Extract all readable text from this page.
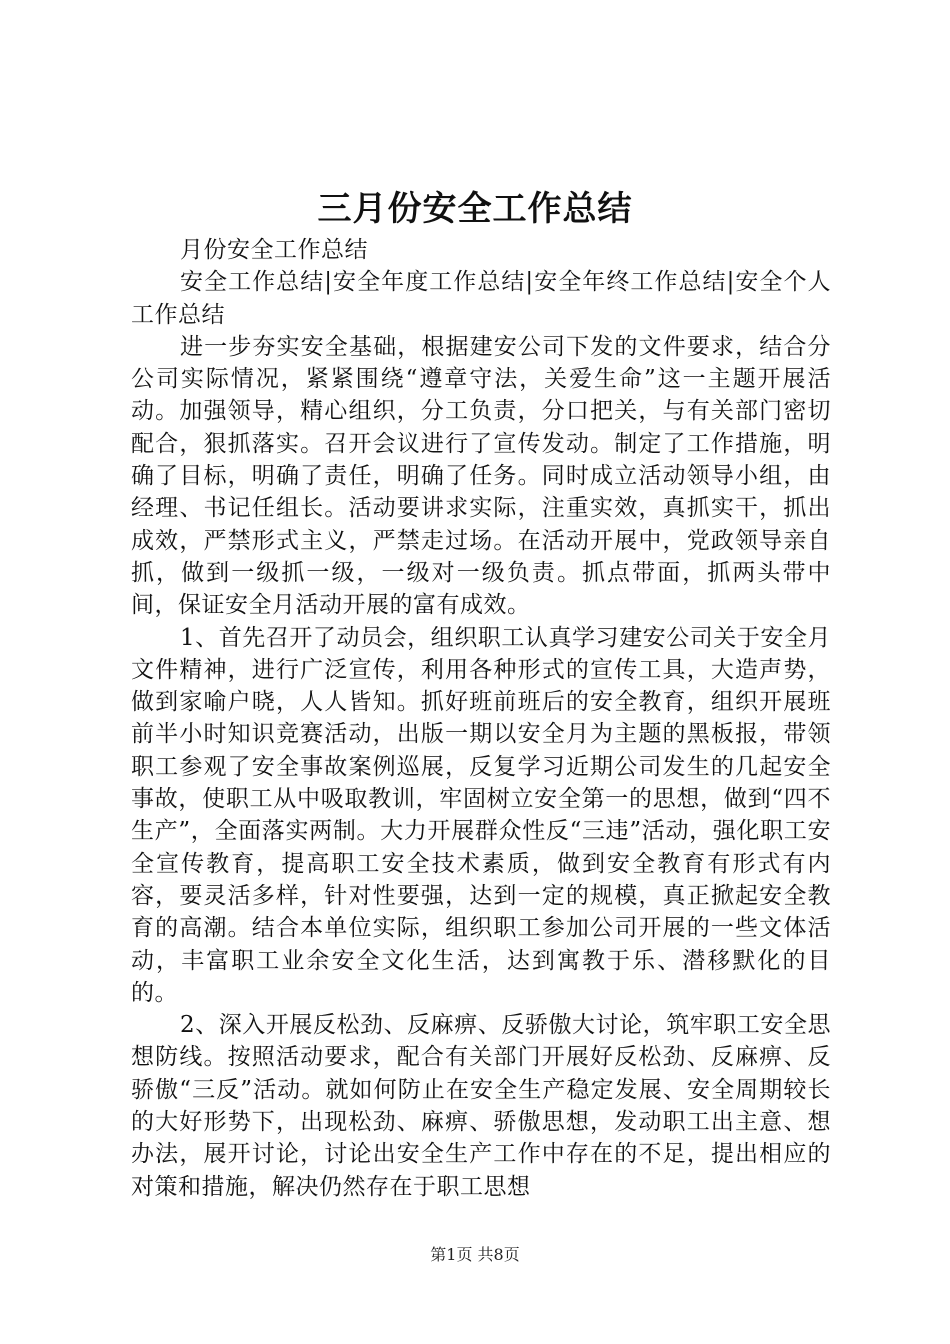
三月份安全工作总结

月份安全工作总结

安全工作总结|安全年度工作总结|安全年终工作总结|安全个人工作总结

进一步夯实安全基础，根据建安公司下发的文件要求，结合分公司实际情况，紧紧围绕“遵章守法，关爱生命”这一主题开展活动。加强领导，精心组织，分工负责，分口把关，与有关部门密切配合，狠抓落实。召开会议进行了宣传发动。制定了工作措施，明确了目标，明确了责任，明确了任务。同时成立活动领导小组，由经理、书记任组长。活动要讲求实际，注重实效，真抓实干，抓出成效，严禁形式主义，严禁走过场。在活动开展中，党政领导亲自抓，做到一级抓一级，一级对一级负责。抓点带面，抓两头带中间，保证安全月活动开展的富有成效。

1、首先召开了动员会，组织职工认真学习建安公司关于安全月文件精神，进行广泛宣传，利用各种形式的宣传工具，大造声势，做到家喻户晓，人人皆知。抓好班前班后的安全教育，组织开展班前半小时知识竞赛活动，出版一期以安全月为主题的黑板报，带领职工参观了安全事故案例巡展，反复学习近期公司发生的几起安全事故，使职工从中吸取教训，牢固树立安全第一的思想，做到“四不生产”，全面落实两制。大力开展群众性反“三违”活动，强化职工安全宣传教育，提高职工安全技术素质，做到安全教育有形式有内容，要灵活多样，针对性要强，达到一定的规模，真正掀起安全教育的高潮。结合本单位实际，组织职工参加公司开展的一些文体活动，丰富职工业余安全文化生活，达到寓教于乐、潜移默化的目的。

2、深入开展反松劲、反麻痹、反骄傲大讨论，筑牢职工安全思想防线。按照活动要求，配合有关部门开展好反松劲、反麻痹、反骄傲“三反”活动。就如何防止在安全生产稳定发展、安全周期较长的大好形势下，出现松劲、麻痹、骄傲思想，发动职工出主意、想办法，展开讨论，讨论出安全生产工作中存在的不足，提出相应的对策和措施，解决仍然存在于职工思想

第1页 共8页
